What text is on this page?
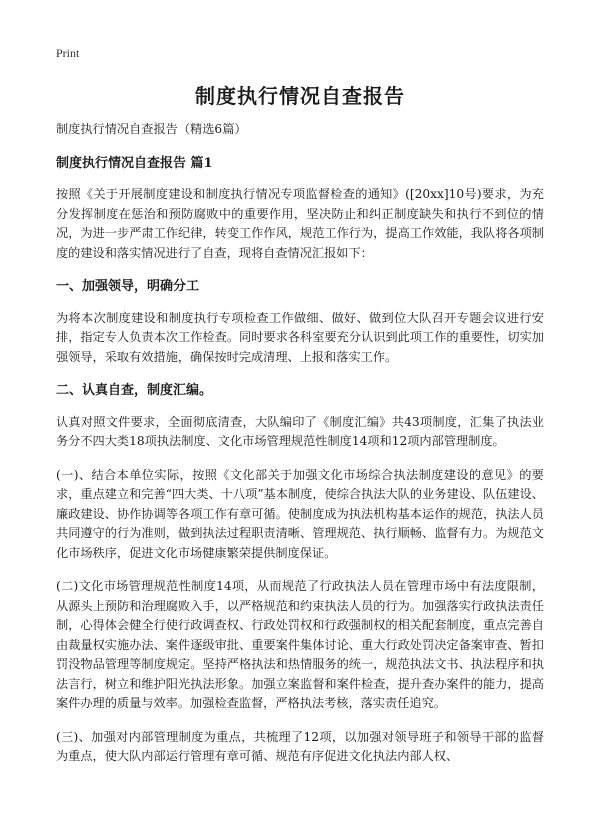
Print
制度执行情况自查报告
制度执行情况自查报告（精选6篇）
制度执行情况自查报告 篇1
按照《关于开展制度建设和制度执行情况专项监督检查的通知》([20xx]10号)要求，为充分发挥制度在惩治和预防腐败中的重要作用，坚决防止和纠正制度缺失和执行不到位的情况，为进一步严肃工作纪律，转变工作作风，规范工作行为，提高工作效能，我队将各项制度的建设和落实情况进行了自查，现将自查情况汇报如下：
一、加强领导，明确分工
为将本次制度建设和制度执行专项检查工作做细、做好、做到位大队召开专题会议进行安排，指定专人负责本次工作检查。同时要求各科室要充分认识到此项工作的重要性，切实加强领导，采取有效措施，确保按时完成清理、上报和落实工作。
二、认真自查，制度汇编。
认真对照文件要求，全面彻底清查，大队编印了《制度汇编》共43项制度，汇集了执法业务分不四大类18项执法制度、文化市场管理规范性制度14项和12项内部管理制度。
(一)、结合本单位实际，按照《文化部关于加强文化市场综合执法制度建设的意见》的要求，重点建立和完善“四大类、十八项”基本制度，使综合执法大队的业务建设、队伍建设、廉政建设、协作协调等各项工作有章可循。使制度成为执法机构基本运作的规范，执法人员共同遵守的行为准则，做到执法过程职责清晰、管理规范、执行顺畅、监督有力。为规范文化市场秩序，促进文化市场健康繁荣提供制度保证。
(二)文化市场管理规范性制度14项，从而规范了行政执法人员在管理市场中有法度限制，从源头上预防和治理腐败入手，以严格规范和约束执法人员的行为。加强落实行政执法责任制，心得体会健全行使行政调查权、行政处罚权和行政强制权的相关配套制度，重点完善自由裁量权实施办法、案件逐级审批、重要案件集体讨论、重大行政处罚决定备案审查、暂扣罚没物品管理等制度规定。坚持严格执法和热情服务的统一，规范执法文书、执法程序和执法言行，树立和维护阳光执法形象。加强立案监督和案件检查，提升查办案件的能力，提高案件办理的质量与效率。加强检查监督，严格执法考核，落实责任追究。
(三)、加强对内部管理制度为重点，共梳理了12项，以加强对领导班子和领导干部的监督为重点，使大队内部运行管理有章可循、规范有序促进文化执法内部人权、
